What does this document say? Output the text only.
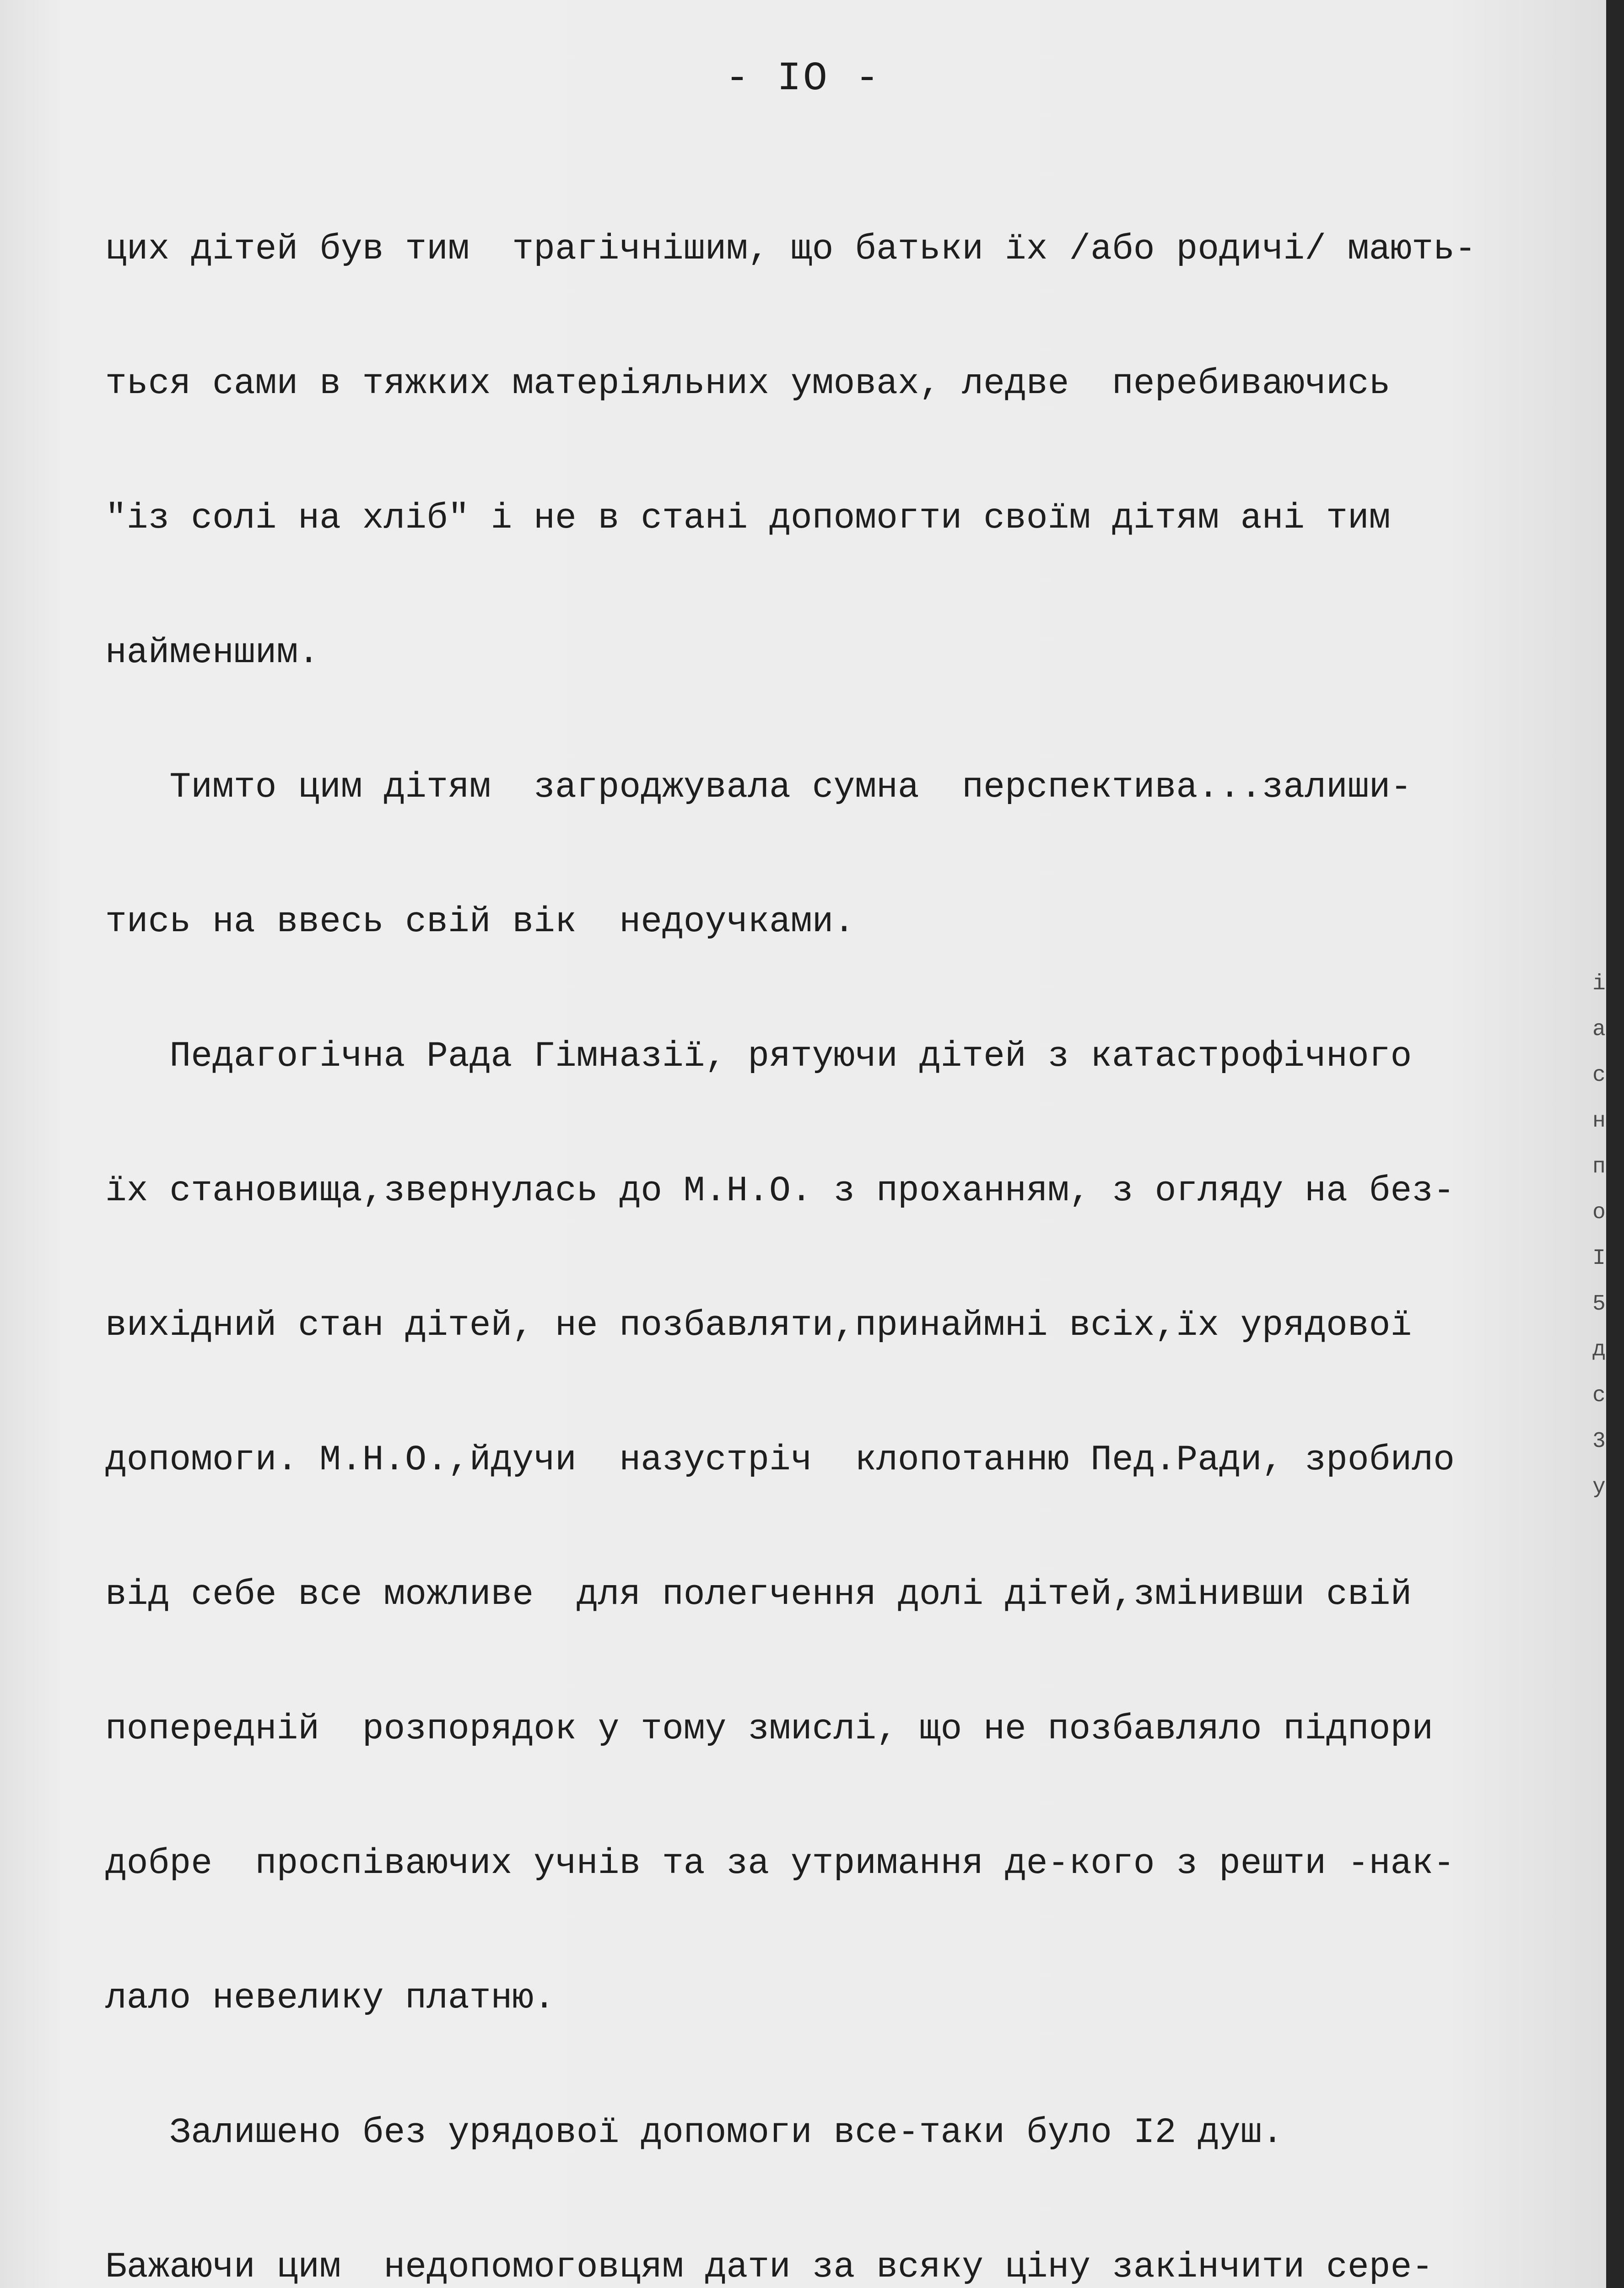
- IO -

цих дітей був тим  трагічнішим, що батьки їх /або родичі/ мають-

ться сами в тяжких матеріяльних умовах, ледве  перебиваючись

"із солі на хліб" і не в стані допомогти своїм дітям ані тим

найменшим.

Тимто цим дітям  загроджувала сумна  перспектива...залиши-

тись на ввесь свій вік  недоучками.

Педагогічна Рада Гімназії, рятуючи дітей з катастрофічного

їх становища,звернулась до М.Н.О. з проханням, з огляду на без-

вихідний стан дітей, не позбавляти,принаймні всіх,їх урядової

допомоги. М.Н.О.,йдучи  назустріч  клопотанню Пед.Ради, зробило

від себе все можливе  для полегчення долі дітей,змінивши свій

попередній  розпорядок у тому змислі, що не позбавляло підпори

добре  проспіваючих учнів та за утримання де-кого з решти -нак-

лало невелику платню.

Залишено без урядової допомоги все-таки було I2 душ.

Бажаючи цим  недопомоговцям дати за всяку ціну закінчити сере-

і
а
с
н
п
о
I
5
д
с
3
у
